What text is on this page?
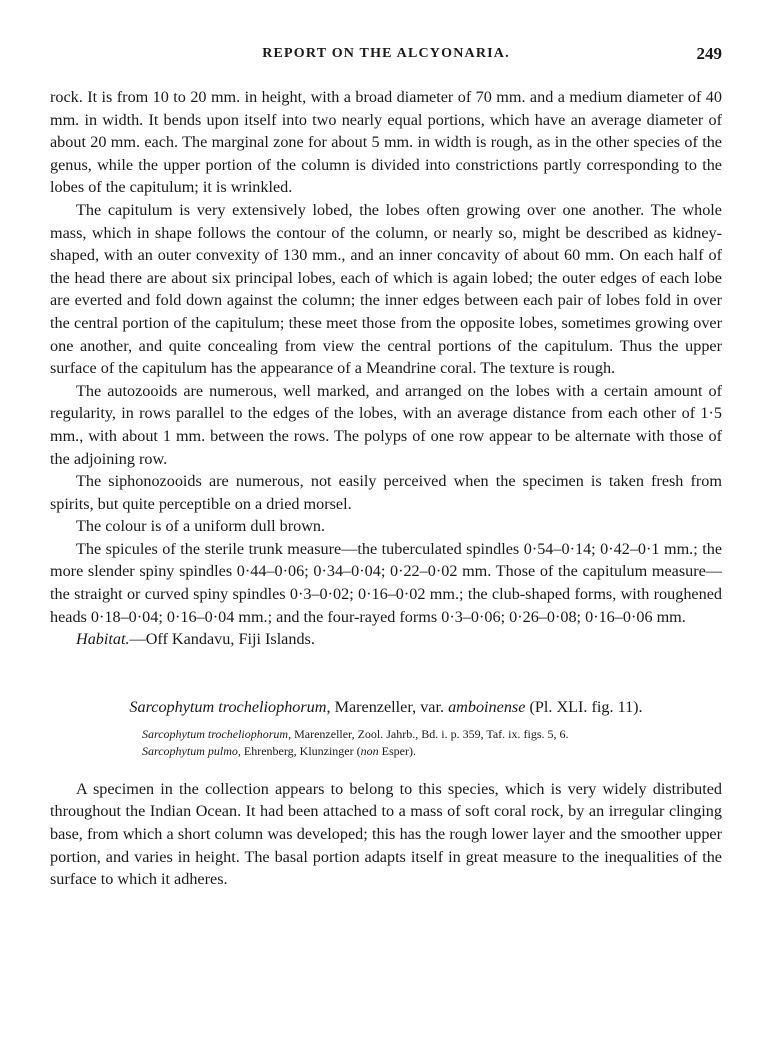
REPORT ON THE ALCYONARIA.	249

rock. It is from 10 to 20 mm. in height, with a broad diameter of 70 mm. and a medium diameter of 40 mm. in width. It bends upon itself into two nearly equal portions, which have an average diameter of about 20 mm. each. The marginal zone for about 5 mm. in width is rough, as in the other species of the genus, while the upper portion of the column is divided into constrictions partly corresponding to the lobes of the capitulum; it is wrinkled.

The capitulum is very extensively lobed, the lobes often growing over one another. The whole mass, which in shape follows the contour of the column, or nearly so, might be described as kidney-shaped, with an outer convexity of 130 mm., and an inner concavity of about 60 mm. On each half of the head there are about six principal lobes, each of which is again lobed; the outer edges of each lobe are everted and fold down against the column; the inner edges between each pair of lobes fold in over the central portion of the capitulum; these meet those from the opposite lobes, sometimes growing over one another, and quite concealing from view the central portions of the capitulum. Thus the upper surface of the capitulum has the appearance of a Meandrine coral. The texture is rough.

The autozooids are numerous, well marked, and arranged on the lobes with a certain amount of regularity, in rows parallel to the edges of the lobes, with an average distance from each other of 1·5 mm., with about 1 mm. between the rows. The polyps of one row appear to be alternate with those of the adjoining row.

The siphonozooids are numerous, not easily perceived when the specimen is taken fresh from spirits, but quite perceptible on a dried morsel.

The colour is of a uniform dull brown.

The spicules of the sterile trunk measure—the tuberculated spindles 0·54–0·14; 0·42–0·1 mm.; the more slender spiny spindles 0·44–0·06; 0·34–0·04; 0·22–0·02 mm. Those of the capitulum measure—the straight or curved spiny spindles 0·3–0·02; 0·16–0·02 mm.; the club-shaped forms, with roughened heads 0·18–0·04; 0·16–0·04 mm.; and the four-rayed forms 0·3–0·06; 0·26–0·08; 0·16–0·06 mm.

Habitat.—Off Kandavu, Fiji Islands.
Sarcophytum trocheliophorum, Marenzeller, var. amboinense (Pl. XLI. fig. 11).
Sarcophytum trocheliophorum, Marenzeller, Zool. Jahrb., Bd. i. p. 359, Taf. ix. figs. 5, 6.
Sarcophytum pulmo, Ehrenberg, Klunzinger (non Esper).

A specimen in the collection appears to belong to this species, which is very widely distributed throughout the Indian Ocean. It had been attached to a mass of soft coral rock, by an irregular clinging base, from which a short column was developed; this has the rough lower layer and the smoother upper portion, and varies in height. The basal portion adapts itself in great measure to the inequalities of the surface to which it adheres.
